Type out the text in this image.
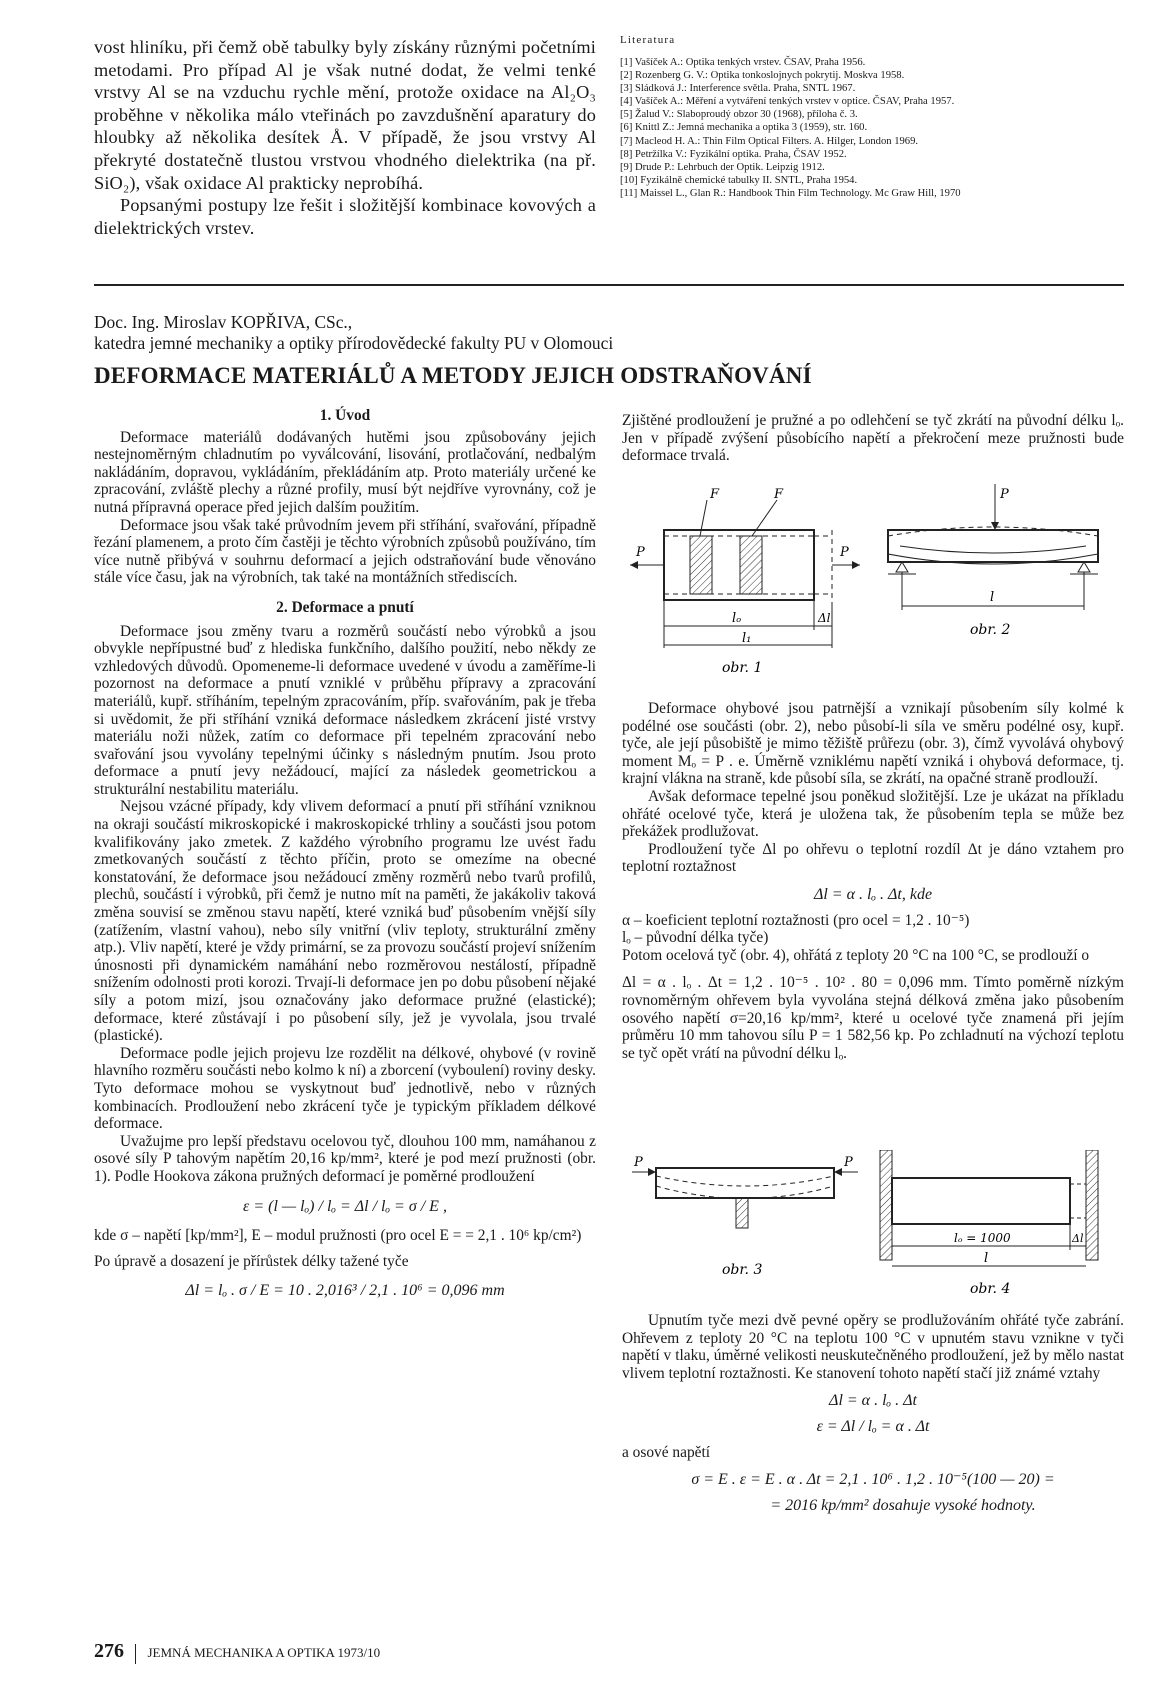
vost hliníku, při čemž obě tabulky byly získány různými početními metodami. Pro případ Al je však nutné dodat, že velmi tenké vrstvy Al se na vzduchu rychle mění, protože oxidace na Al₂O₃ proběhne v několika málo vteřinách po zavzdušnění aparatury do hloubky až několika desítek Å. V případě, že jsou vrstvy Al překryté dostatečně tlustou vrstvou vhodného dielektrika (na př. SiO₂), však oxidace Al prakticky neprobíhá.

Popsanými postupy lze řešit i složitější kombinace kovových a dielektrických vrstev.

Literatura
[1] Vašíček A.: Optika tenkých vrstev. ČSAV, Praha 1956.
[2] Rozenberg G. V.: Optika tonkoslojnych pokrytij. Moskva 1958.
[3] Sládková J.: Interference světla. Praha, SNTL 1967.
[4] Vašíček A.: Měření a vytváření tenkých vrstev v optice. ČSAV, Praha 1957.
[5] Žalud V.: Slaboproudý obzor 30 (1968), příloha č. 3.
[6] Knittl Z.: Jemná mechanika a optika 3 (1959), str. 160.
[7] Macleod H. A.: Thin Film Optical Filters. A. Hilger, London 1969.
[8] Petržílka V.: Fyzikální optika. Praha, ČSAV 1952.
[9] Drude P.: Lehrbuch der Optik. Leipzig 1912.
[10] Fyzikálně chemické tabulky II. SNTL, Praha 1954.
[11] Maissel L., Glan R.: Handbook Thin Film Technology. Mc Graw Hill, 1970
Doc. Ing. Miroslav KOPŘIVA, CSc.,
katedra jemné mechaniky a optiky přírodovědecké fakulty PU v Olomouci
DEFORMACE MATERIÁLŮ A METODY JEJICH ODSTRAŇOVÁNÍ

1. Úvod

Deformace materiálů dodávaných hutěmi jsou způsobovány jejich nestejnoměrným chladnutím po vyválcování, lisování, protlačování, nedbalým nakládáním, dopravou, vykládáním, překládáním atp. Proto materiály určené ke zpracování, zvláště plechy a různé profily, musí být nejdříve vyrovnány, což je nutná přípravná operace před jejich dalším použitím.

Deformace jsou však také průvodním jevem při stříhání, svařování, případně řezání plamenem, a proto čím častěji je těchto výrobních způsobů používáno, tím více nutně přibývá v souhrnu deformací a jejich odstraňování bude věnováno stále více času, jak na výrobních, tak také na montážních střediscích.

2. Deformace a pnutí

Deformace jsou změny tvaru a rozměrů součástí nebo výrobků a jsou obvykle nepřípustné buď z hlediska funkčního, dalšího použití, nebo někdy ze vzhledových důvodů. Opomeneme-li deformace uvedené v úvodu a zaměříme-li pozornost na deformace a pnutí vzniklé v průběhu přípravy a zpracování materiálů, kupř. stříháním, tepelným zpracováním, příp. svařováním, pak je třeba si uvědomit, že při stříhání vzniká deformace následkem zkrácení jisté vrstvy materiálu noži nůžek, zatím co deformace při tepelném zpracování nebo svařování jsou vyvolány tepelnými účinky s následným pnutím. Jsou proto deformace a pnutí jevy nežádoucí, mající za následek geometrickou a strukturální nestabilitu materiálu.

Nejsou vzácné případy, kdy vlivem deformací a pnutí při stříhání vzniknou na okraji součástí mikroskopické i makroskopické trhliny a součásti jsou potom kvalifikovány jako zmetek. Z každého výrobního programu lze uvést řadu zmetkovaných součástí z těchto příčin, proto se omezíme na obecné konstatování, že deformace jsou nežádoucí změny rozměrů nebo tvarů profilů, plechů, součástí i výrobků, při čemž je nutno mít na paměti, že jakákoliv taková změna souvisí se změnou stavu napětí, které vzniká buď působením vnější síly (zatížením, vlastní vahou), nebo síly vnitřní (vliv teploty, strukturální změny atp.). Vliv napětí, které je vždy primární, se za provozu součástí projeví snížením únosnosti při dynamickém namáhání nebo rozměrovou nestálostí, případně snížením odolnosti proti korozi. Trvají-li deformace jen po dobu působení nějaké síly a potom mizí, jsou označovány jako deformace pružné (elastické); deformace, které zůstávají i po působení síly, jež je vyvolala, jsou trvalé (plastické).

Deformace podle jejich projevu lze rozdělit na délkové, ohybové (v rovině hlavního rozměru součásti nebo kolmo k ní) a zborcení (vyboulení) roviny desky. Tyto deformace mohou se vyskytnout buď jednotlivě, nebo v různých kombinacích. Prodloužení nebo zkrácení tyče je typickým příkladem délkové deformace.

Uvažujme pro lepší představu ocelovou tyč, dlouhou 100 mm, namáhanou z osové síly P tahovým napětím 20,16 kp/mm², které je pod mezí pružnosti (obr. 1). Podle Hookova zákona pružných deformací je poměrné prodloužení

ε = (l — lₒ) / lₒ = Δl / lₒ = σ / E ,

kde σ – napětí [kp/mm²], E – modul pružnosti (pro ocel E = = 2,1 . 10⁶ kp/cm²)

Po úpravě a dosazení je přírůstek délky tažené tyče

Δl = lₒ . σ / E = 10 . 2,016³ / 2,1 . 10⁶ = 0,096 mm

Zjištěné prodloužení je pružné a po odlehčení se tyč zkrátí na původní délku lₒ. Jen v případě zvýšení působícího napětí a překročení meze pružnosti bude deformace trvalá.

F	F
P	P
lₒ	Δl
l₁
obr. 1
P
l
obr. 2

Deformace ohybové jsou patrnější a vznikají působením síly kolmé k podélné ose součásti (obr. 2), nebo působí-li síla ve směru podélné osy, kupř. tyče, ale její působiště je mimo těžiště průřezu (obr. 3), čímž vyvolává ohybový moment Mₒ = P . e. Úměrně vzniklému napětí vzniká i ohybová deformace, tj. krajní vlákna na straně, kde působí síla, se zkrátí, na opačné straně prodlouží.

Avšak deformace tepelné jsou poněkud složitější. Lze je ukázat na příkladu ohřáté ocelové tyče, která je uložena tak, že působením tepla se může bez překážek prodlužovat.

Prodloužení tyče Δl po ohřevu o teplotní rozdíl Δt je dáno vztahem pro teplotní roztažnost

Δl = α . lₒ . Δt, kde

α – koeficient teplotní roztažnosti (pro ocel = 1,2 . 10⁻⁵)

lₒ – původní délka tyče)

Potom ocelová tyč (obr. 4), ohřátá z teploty 20 °C na 100 °C, se prodlouží o

Δl = α . lₒ . Δt = 1,2 . 10⁻⁵ . 10² . 80 = 0,096 mm. Tímto poměrně nízkým rovnoměrným ohřevem byla vyvolána stejná délková změna jako působením osového napětí σ=20,16 kp/mm², které u ocelové tyče znamená při jejím průměru 10 mm tahovou sílu P = 1 582,56 kp. Po zchladnutí na výchozí teplotu se tyč opět vrátí na původní délku lₒ.

P	P
obr. 3
lₒ = 1000	Δl
l
obr. 4

Upnutím tyče mezi dvě pevné opěry se prodlužováním ohřáté tyče zabrání. Ohřevem z teploty 20 °C na teplotu 100 °C v upnutém stavu vznikne v tyči napětí v tlaku, úměrné velikosti neuskutečněného prodloužení, jež by mělo nastat vlivem teplotní roztažnosti. Ke stanovení tohoto napětí stačí již známé vztahy

Δl = α . lₒ . Δt

ε = Δl / lₒ = α . Δt

a osové napětí

σ = E . ε = E . α . Δt = 2,1 . 10⁶ . 1,2 . 10⁻⁵(100 — 20) =

= 2016 kp/mm² dosahuje vysoké hodnoty.

276 JEMNÁ MECHANIKA A OPTIKA 1973/10
